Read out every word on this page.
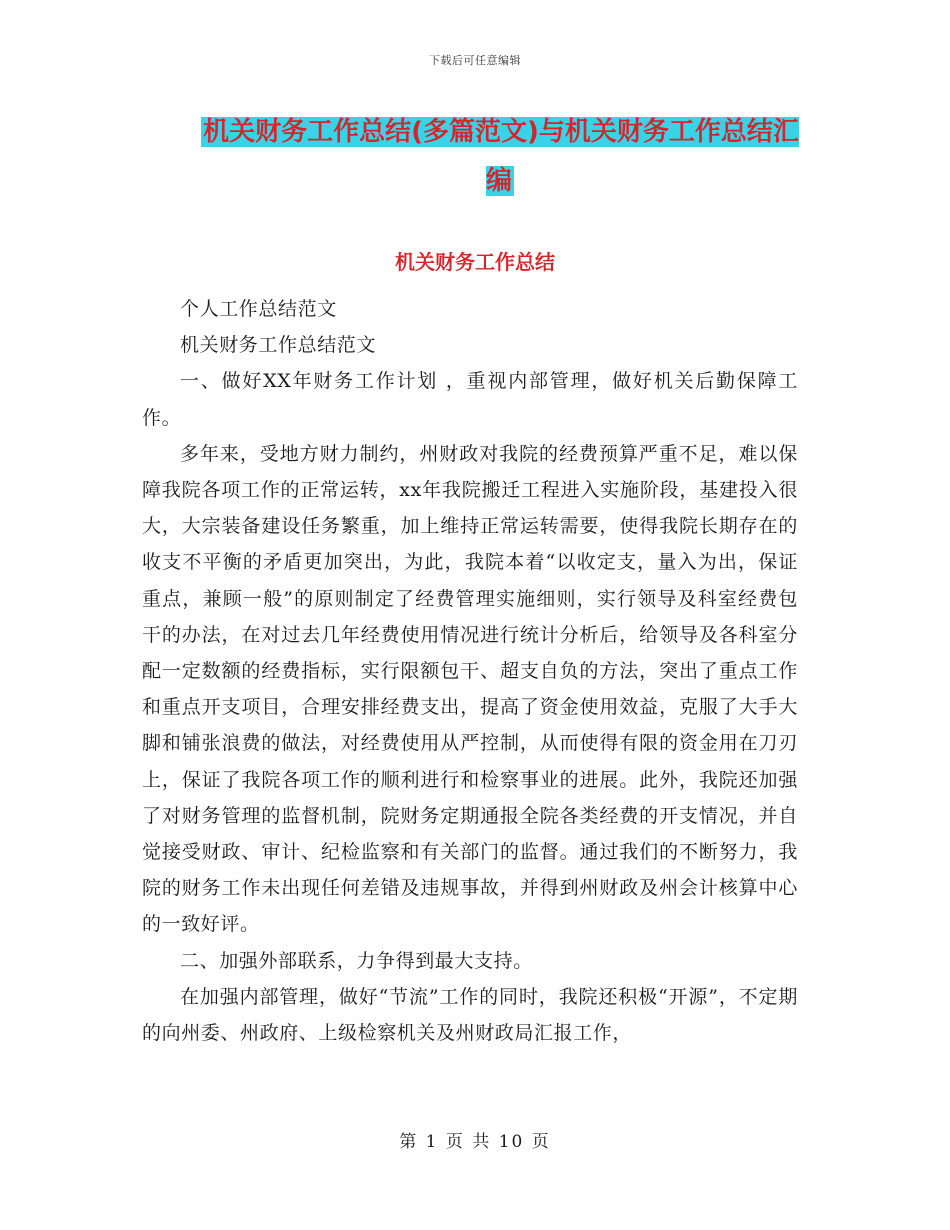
下载后可任意编辑
机关财务工作总结(多篇范文)与机关财务工作总结汇编
机关财务工作总结

个人工作总结范文

机关财务工作总结范文

一、做好XX年财务工作计划 ，重视内部管理，做好机关后勤保障工作。

多年来，受地方财力制约，州财政对我院的经费预算严重不足，难以保障我院各项工作的正常运转，xx年我院搬迁工程进入实施阶段，基建投入很大，大宗装备建设任务繁重，加上维持正常运转需要，使得我院长期存在的收支不平衡的矛盾更加突出，为此，我院本着“以收定支，量入为出，保证重点，兼顾一般”的原则制定了经费管理实施细则，实行领导及科室经费包干的办法，在对过去几年经费使用情况进行统计分析后，给领导及各科室分配一定数额的经费指标，实行限额包干、超支自负的方法，突出了重点工作和重点开支项目，合理安排经费支出，提高了资金使用效益，克服了大手大脚和铺张浪费的做法，对经费使用从严控制，从而使得有限的资金用在刀刃上，保证了我院各项工作的顺利进行和检察事业的进展。此外，我院还加强了对财务管理的监督机制，院财务定期通报全院各类经费的开支情况，并自觉接受财政、审计、纪检监察和有关部门的监督。通过我们的不断努力，我院的财务工作未出现任何差错及违规事故，并得到州财政及州会计核算中心的一致好评。

二、加强外部联系，力争得到最大支持。

在加强内部管理，做好“节流”工作的同时，我院还积极“开源”，不定期的向州委、州政府、上级检察机关及州财政局汇报工作，

第 1 页 共 10 页
